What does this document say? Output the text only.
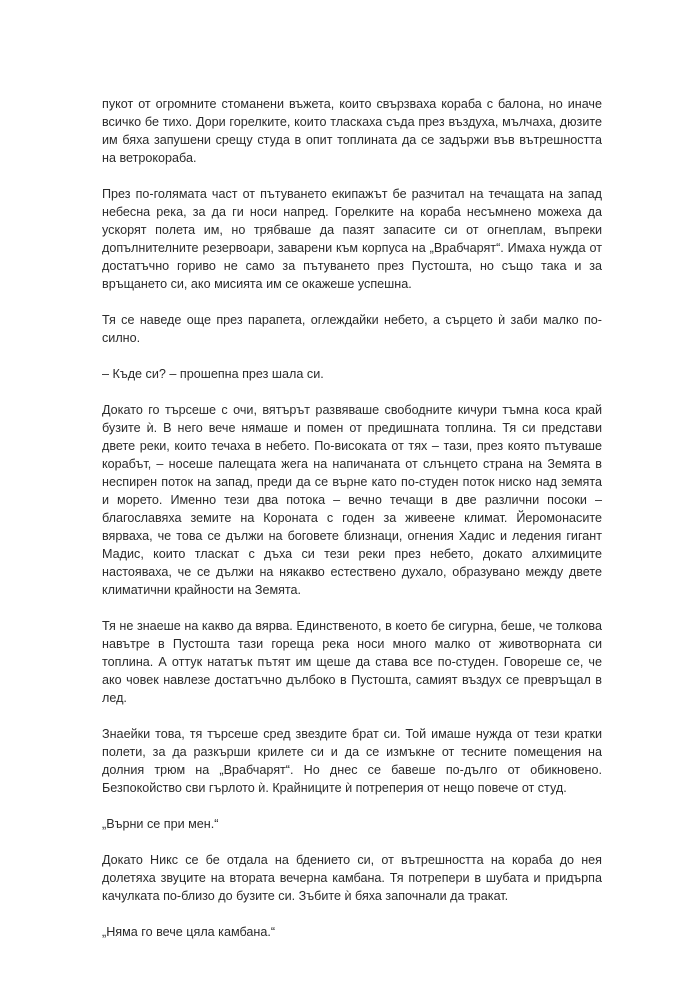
пукот от огромните стоманени въжета, които свързваха кораба с балона, но иначе всичко бе тихо. Дори горелките, които тласкаха съда през въздуха, мълчаха, дюзите им бяха запушени срещу студа в опит топлината да се задържи във вътрешността на ветрокораба.

През по-голямата част от пътуването екипажът бе разчитал на течащата на запад небесна река, за да ги носи напред. Горелките на кораба несъмнено можеха да ускорят полета им, но трябваше да пазят запасите си от огнеплам, въпреки допълнителните резервоари, заварени към корпуса на „Врабчарят“. Имаха нужда от достатъчно гориво не само за пътуването през Пустошта, но също така и за връщането си, ако мисията им се окажеше успешна.

Тя се наведе още през парапета, оглеждайки небето, а сърцето ѝ заби малко по-силно.

– Къде си? – прошепна през шала си.

Докато го търсеше с очи, вятърът развяваше свободните кичури тъмна коса край бузите ѝ. В него вече нямаше и помен от предишната топлина. Тя си представи двете реки, които течаха в небето. По-високата от тях – тази, през която пътуваше корабът, – носеше палещата жега на напичаната от слънцето страна на Земята в неспирен поток на запад, преди да се върне като по-студен поток ниско над земята и морето. Именно тези два потока – вечно течащи в две различни посоки – благославяха земите на Короната с годен за живеене климат. Йеромонасите вярваха, че това се дължи на боговете близнаци, огнения Хадис и ледения гигант Мадис, които тласкат с дъха си тези реки през небето, докато алхимиците настояваха, че се дължи на някакво естествено духало, образувано между двете климатични крайности на Земята.

Тя не знаеше на какво да вярва. Единственото, в което бе сигурна, беше, че толкова навътре в Пустошта тази гореща река носи много малко от животворната си топлина. А оттук нататък пътят им щеше да става все по-студен. Говореше се, че ако човек навлезе достатъчно дълбоко в Пустошта, самият въздух се превръщал в лед.

Знаейки това, тя търсеше сред звездите брат си. Той имаше нужда от тези кратки полети, за да разкърши крилете си и да се измъкне от тесните помещения на долния трюм на „Врабчарят“. Но днес се бавеше по-дълго от обикновено. Безпокойство сви гърлото ѝ. Крайниците ѝ потреперия от нещо повече от студ.

„Върни се при мен.“

Докато Никс се бе отдала на бдението си, от вътрешността на кораба до нея долетяха звуците на втората вечерна камбана. Тя потрепери в шубата и придърпа качулката по-близо до бузите си. Зъбите ѝ бяха започнали да тракат.

„Няма го вече цяла камбана.“
